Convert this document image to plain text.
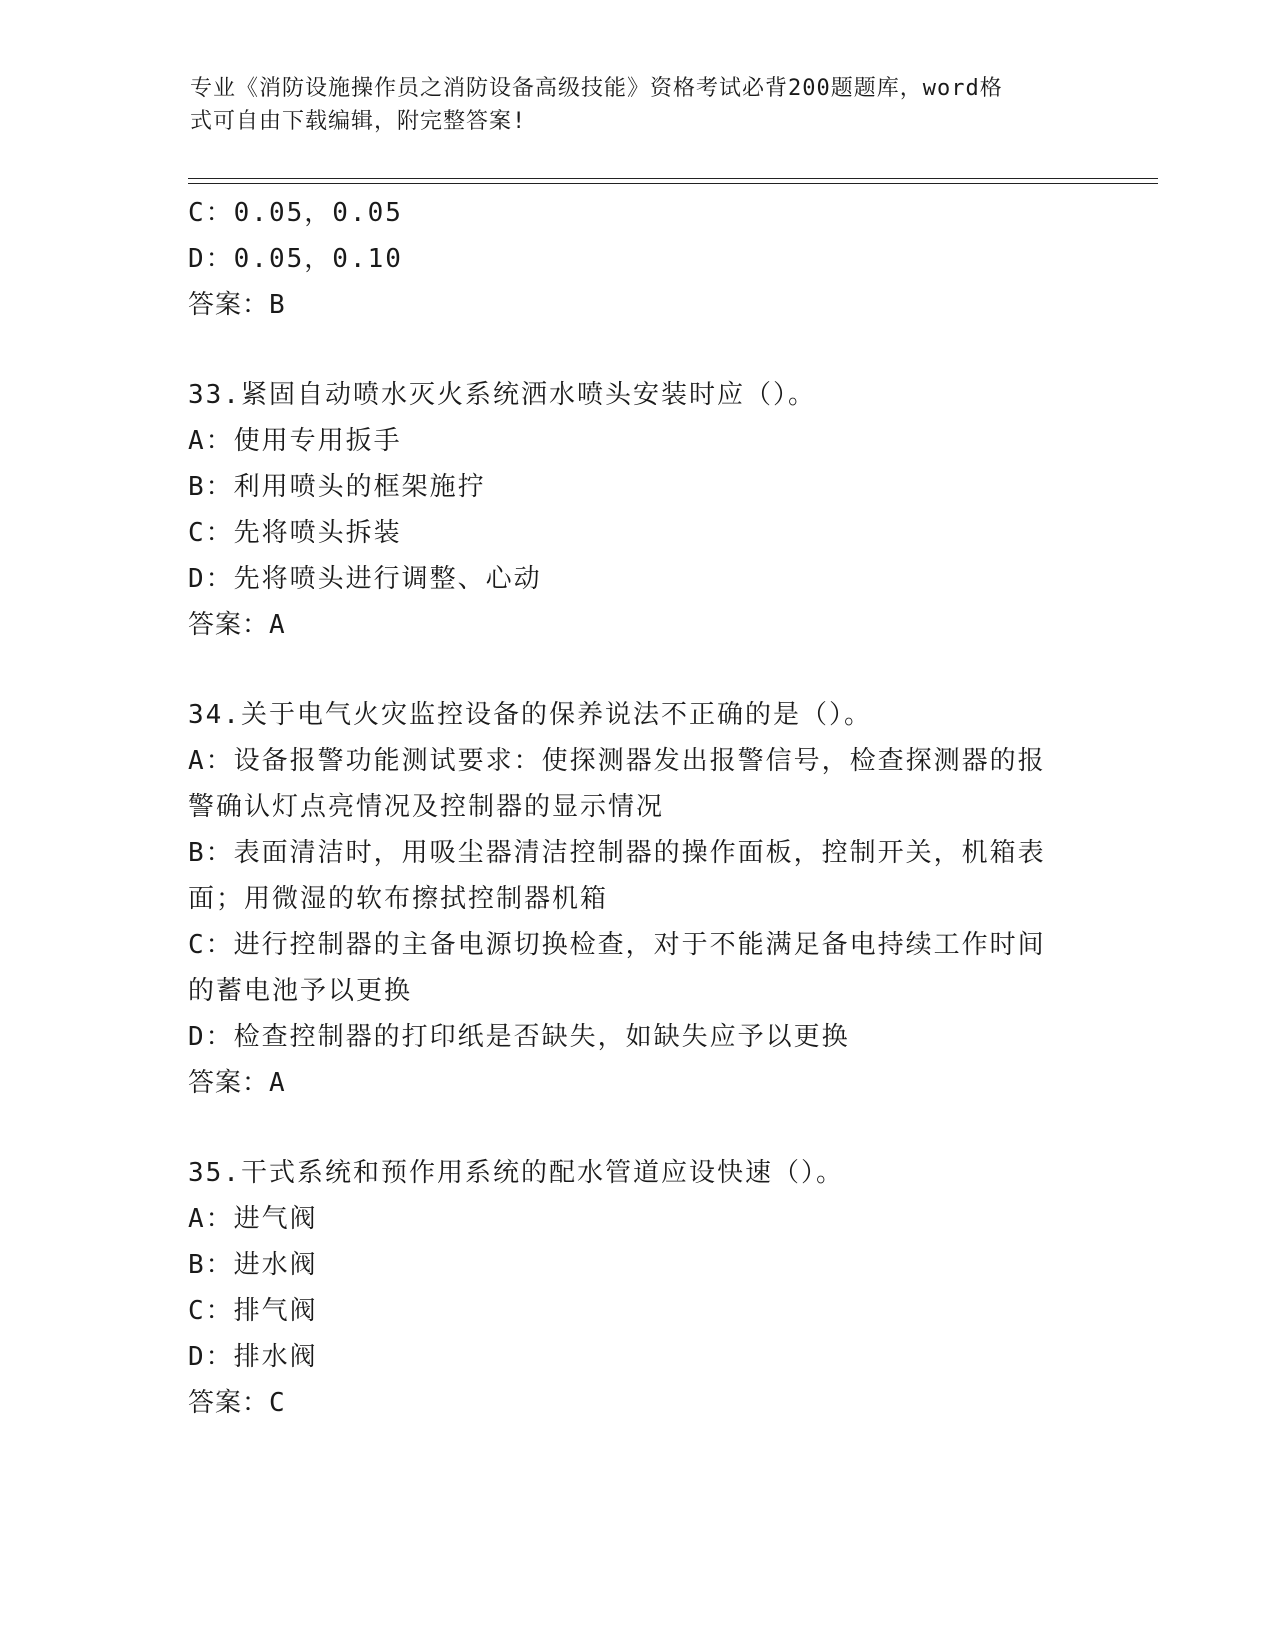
专业《消防设施操作员之消防设备高级技能》资格考试必背200题题库，word格
式可自由下载编辑，附完整答案!
C：0.05，0.05
D：0.05，0.10
答案：B
33.紧固自动喷水灭火系统洒水喷头安装时应（）。
A：使用专用扳手
B：利用喷头的框架施拧
C：先将喷头拆装
D：先将喷头进行调整、心动
答案：A
34.关于电气火灾监控设备的保养说法不正确的是（）。
A：设备报警功能测试要求：使探测器发出报警信号，检查探测器的报
警确认灯点亮情况及控制器的显示情况
B：表面清洁时，用吸尘器清洁控制器的操作面板，控制开关，机箱表
面；用微湿的软布擦拭控制器机箱
C：进行控制器的主备电源切换检查，对于不能满足备电持续工作时间
的蓄电池予以更换
D：检查控制器的打印纸是否缺失，如缺失应予以更换
答案：A
35.干式系统和预作用系统的配水管道应设快速（）。
A：进气阀
B：进水阀
C：排气阀
D：排水阀
答案：C
